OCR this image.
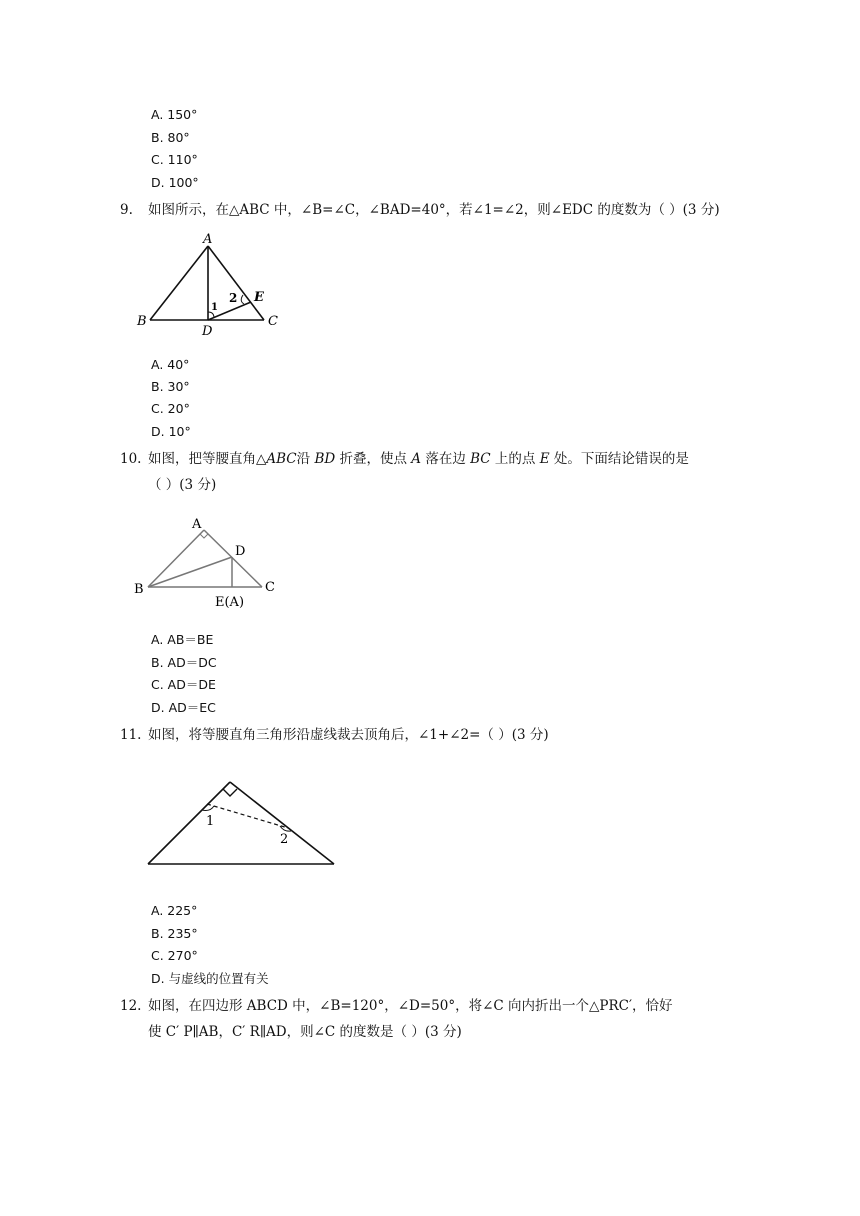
A. 150°
B. 80°
C. 110°
D. 100°
9. 如图所示，在△ABC 中，∠B=∠C，∠BAD=40°，若∠1=∠2，则∠EDC 的度数为（ ）(3 分)
A
B	C
D
E
1
2
A. 40°
B. 30°
C. 20°
D. 10°
10. 如图，把等腰直角△ABC沿 BD 折叠，使点 A 落在边 BC 上的点 E 处。下面结论错误的是
（ ）(3 分)
A
B	C
D
E(A)
A. AB＝BE
B. AD＝DC
C. AD＝DE
D. AD＝EC
11. 如图，将等腰直角三角形沿虚线裁去顶角后，∠1+∠2=（ ）(3 分)
1
2
A. 225°
B. 235°
C. 270°
D. 与虚线的位置有关
12. 如图，在四边形 ABCD 中，∠B=120°，∠D=50°，将∠C 向内折出一个△PRC′，恰好
使 C′ P∥AB，C′ R∥AD，则∠C 的度数是（ ）(3 分)
